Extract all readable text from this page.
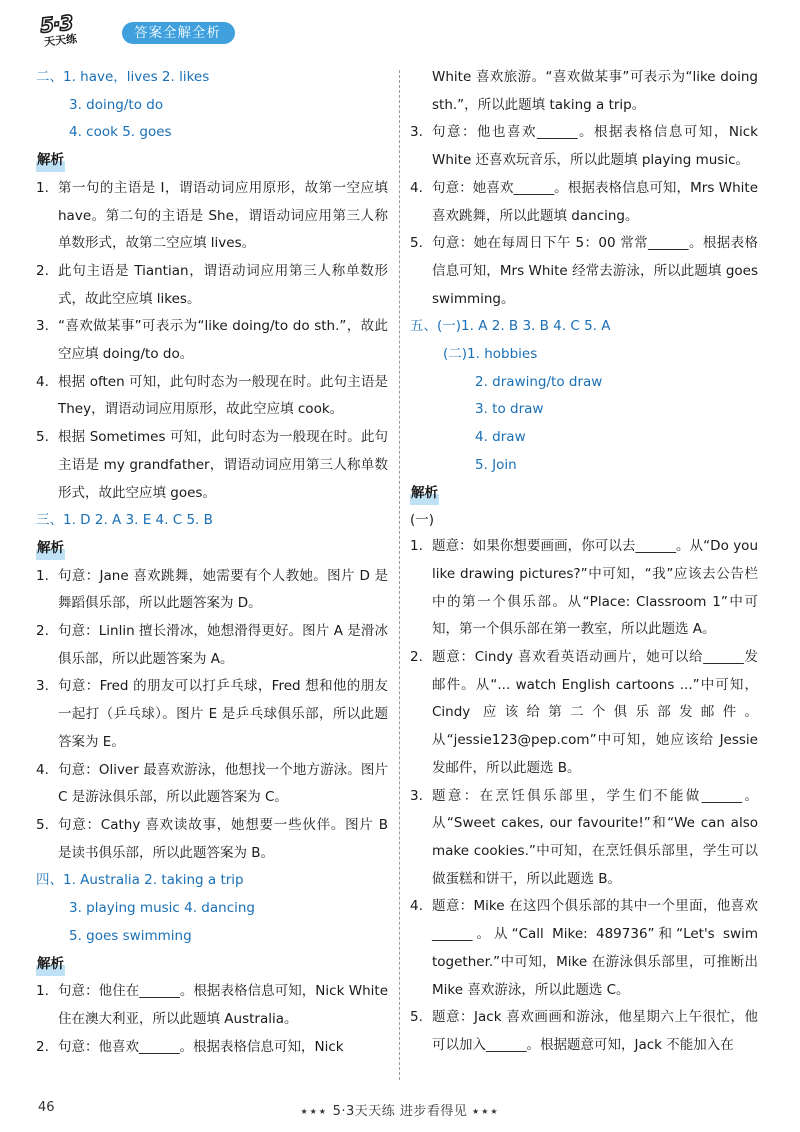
5·3
天天练	答案全解全析

二、1. have，lives 2. likes

3. doing/to do

4. cook 5. goes

解析
1. 第一句的主语是 I，谓语动词应用原形，故第一空应填 have。第二句的主语是 She，谓语动词应用第三人称单数形式，故第二空应填 lives。
2. 此句主语是 Tiantian，谓语动词应用第三人称单数形式，故此空应填 likes。
3. “喜欢做某事”可表示为“like doing/to do sth.”，故此空应填 doing/to do。
4. 根据 often 可知，此句时态为一般现在时。此句主语是 They，谓语动词应用原形，故此空应填 cook。
5. 根据 Sometimes 可知，此句时态为一般现在时。此句主语是 my grandfather，谓语动词应用第三人称单数形式，故此空应填 goes。

三、1. D 2. A 3. E 4. C 5. B

解析
1. 句意：Jane 喜欢跳舞，她需要有个人教她。图片 D 是舞蹈俱乐部，所以此题答案为 D。
2. 句意：Linlin 擅长滑冰，她想滑得更好。图片 A 是滑冰俱乐部，所以此题答案为 A。
3. 句意：Fred 的朋友可以打乒乓球，Fred 想和他的朋友一起打（乒乓球）。图片 E 是乒乓球俱乐部，所以此题答案为 E。
4. 句意：Oliver 最喜欢游泳，他想找一个地方游泳。图片 C 是游泳俱乐部，所以此题答案为 C。
5. 句意：Cathy 喜欢读故事，她想要一些伙伴。图片 B 是读书俱乐部，所以此题答案为 B。

四、1. Australia 2. taking a trip

3. playing music 4. dancing

5. goes swimming

解析
1. 句意：他住在______。根据表格信息可知，Nick White 住在澳大利亚，所以此题填 Australia。
2. 句意：他喜欢______。根据表格信息可知，Nick
White 喜欢旅游。“喜欢做某事”可表示为“like doing sth.”，所以此题填 taking a trip。
3. 句意：他也喜欢______。根据表格信息可知，Nick White 还喜欢玩音乐，所以此题填 playing music。
4. 句意：她喜欢______。根据表格信息可知，Mrs White 喜欢跳舞，所以此题填 dancing。
5. 句意：她在每周日下午 5：00 常常______。根据表格信息可知，Mrs White 经常去游泳，所以此题填 goes swimming。

五、(一)1. A 2. B 3. B 4. C 5. A

(二)1. hobbies

2. drawing/to draw

3. to draw

4. draw

5. Join

解析

(一)

1. 题意：如果你想要画画，你可以去______。从“Do you like drawing pictures?”中可知，“我”应该去公告栏中的第一个俱乐部。从“Place: Classroom 1”中可知，第一个俱乐部在第一教室，所以此题选 A。
2. 题意：Cindy 喜欢看英语动画片，她可以给______发邮件。从“... watch English cartoons ...”中可知，Cindy 应该给第二个俱乐部发邮件。从“jessie123@pep.com”中可知，她应该给 Jessie 发邮件，所以此题选 B。
3. 题意：在烹饪俱乐部里，学生们不能做______。从“Sweet cakes, our favourite!”和“We can also make cookies.”中可知，在烹饪俱乐部里，学生可以做蛋糕和饼干，所以此题选 B。
4. 题意：Mike 在这四个俱乐部的其中一个里面，他喜欢______。从“Call Mike: 489736”和“Let's swim together.”中可知，Mike 在游泳俱乐部里，可推断出 Mike 喜欢游泳，所以此题选 C。
5. 题意：Jack 喜欢画画和游泳，他星期六上午很忙，他可以加入______。根据题意可知，Jack 不能加入在
46	★★★ 5·3天天练 进步看得见 ★★★
